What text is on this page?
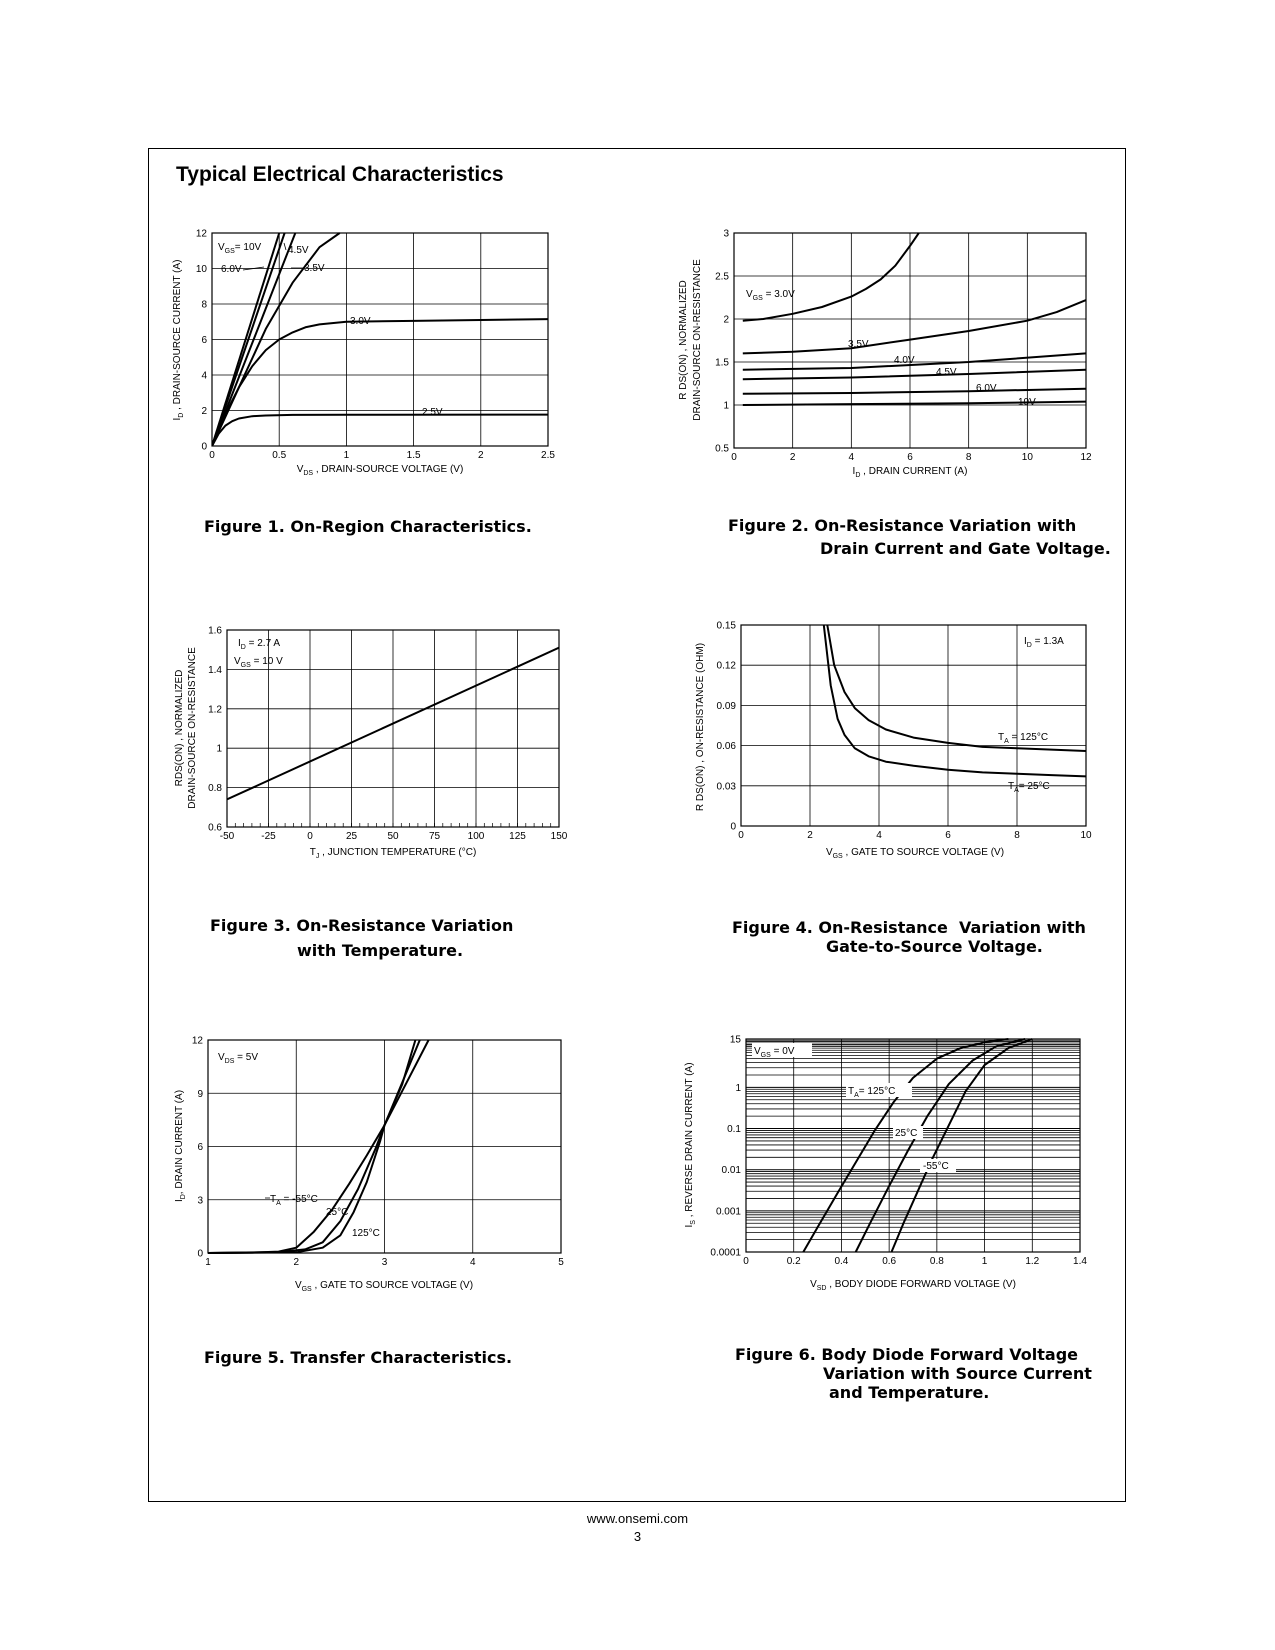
Typical Electrical Characteristics
0	0.5	1	1.5	2	2.5
0
2
4
6
8
10
12
$V_{GS}= 10V$
6.0V
4.5V
3.5V
3.0V
2.5V
$V_{DS}$ , DRAIN-SOURCE VOLTAGE (V)
$I_D$ , DRAIN-SOURCE CURRENT (A)
Figure 1. On-Region Characteristics.
0	2	4	6	8	10	12
0.5
1
1.5
2
2.5
3
$V_{GS} = 3.0V$
3.5V
4.0V
4.5V
6.0V
10V
$I_D$ , DRAIN CURRENT (A)
R DS(ON) , NORMALIZED DRAIN-SOURCE ON-RESISTANCE
Figure 2. On-Resistance Variation with
Drain Current and Gate Voltage.
-50	-25	0	25	50	75	100 125 150
0.6
0.8
1
1.2
1.4
1.6
$I_D = 2.7$ A
$V_{GS} = 10$ V
$T_J$ , JUNCTION TEMPERATURE (°C)
RDS(ON) , NORMALIZED DRAIN-SOURCE ON-RESISTANCE
Figure 3. On-Resistance Variation
with Temperature.
0	2	4	6	8	10
0
0.03
0.06
0.09
0.12
0.15
$I_D = 1.3A$
$T_A = 125^\circ C$
$T_A= 25^\circ C$
$V_{GS}$ , GATE TO SOURCE VOLTAGE (V)
R DS(ON) , ON-RESISTANCE (OHM)
Figure 4. On-Resistance  Variation with
Gate-to-Source Voltage.
1	2	3	4	5
0
3
6
9
12
$V_{DS} = 5V$
$T_A = -55^\circ C$
25°C
125°C
$V_{GS}$ , GATE TO SOURCE VOLTAGE (V)
$I_D$, DRAIN CURRENT (A)
Figure 5. Transfer Characteristics.
0	0.2	0.4	0.6	0.8	1	1.2	1.4
0.0001
0.001
0.01
0.1
1
15
$V_{GS} = 0V$
$T_A= 125^\circ C$
25°C
-55°C
$V_{SD}$ , BODY DIODE FORWARD VOLTAGE (V)
$I_S$ , REVERSE DRAIN CURRENT (A)
Figure 6. Body Diode Forward Voltage
Variation with Source Current
and Temperature.
www.onsemi.com
3
